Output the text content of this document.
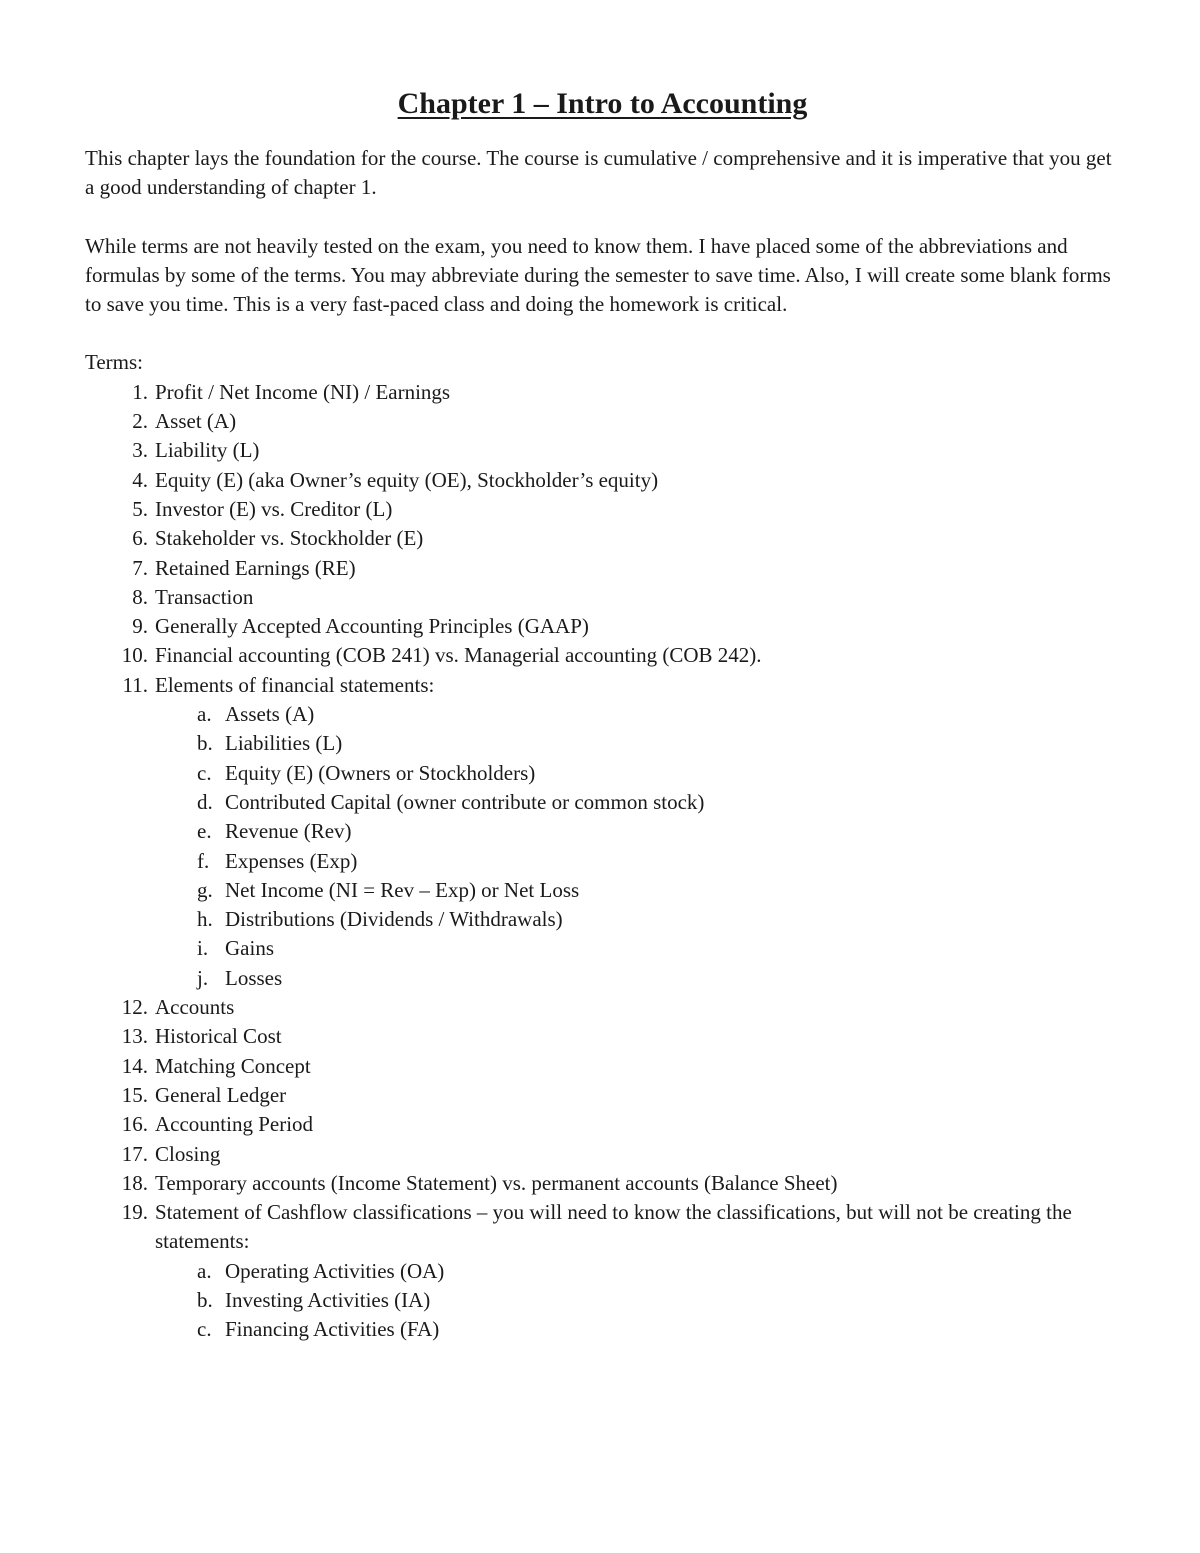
Chapter 1 – Intro to Accounting

This chapter lays the foundation for the course. The course is cumulative / comprehensive and it is imperative that you get a good understanding of chapter 1.

While terms are not heavily tested on the exam, you need to know them. I have placed some of the abbreviations and formulas by some of the terms. You may abbreviate during the semester to save time. Also, I will create some blank forms to save you time. This is a very fast-paced class and doing the homework is critical.

Terms:

1. Profit / Net Income (NI) / Earnings
2. Asset (A)
3. Liability (L)
4. Equity (E) (aka Owner’s equity (OE), Stockholder’s equity)
5. Investor (E) vs. Creditor (L)
6. Stakeholder vs. Stockholder (E)
7. Retained Earnings (RE)
8. Transaction
9. Generally Accepted Accounting Principles (GAAP)
10. Financial accounting (COB 241) vs. Managerial accounting (COB 242).
11. Elements of financial statements:
a. Assets (A)
b. Liabilities (L)
c. Equity (E) (Owners or Stockholders)
d. Contributed Capital (owner contribute or common stock)
e. Revenue (Rev)
f. Expenses (Exp)
g. Net Income (NI = Rev – Exp) or Net Loss
h. Distributions (Dividends / Withdrawals)
i. Gains
j. Losses
12. Accounts
13. Historical Cost
14. Matching Concept
15. General Ledger
16. Accounting Period
17. Closing
18. Temporary accounts (Income Statement) vs. permanent accounts (Balance Sheet)
19. Statement of Cashflow classifications – you will need to know the classifications, but will not be creating the statements:
a. Operating Activities (OA)
b. Investing Activities (IA)
c. Financing Activities (FA)
